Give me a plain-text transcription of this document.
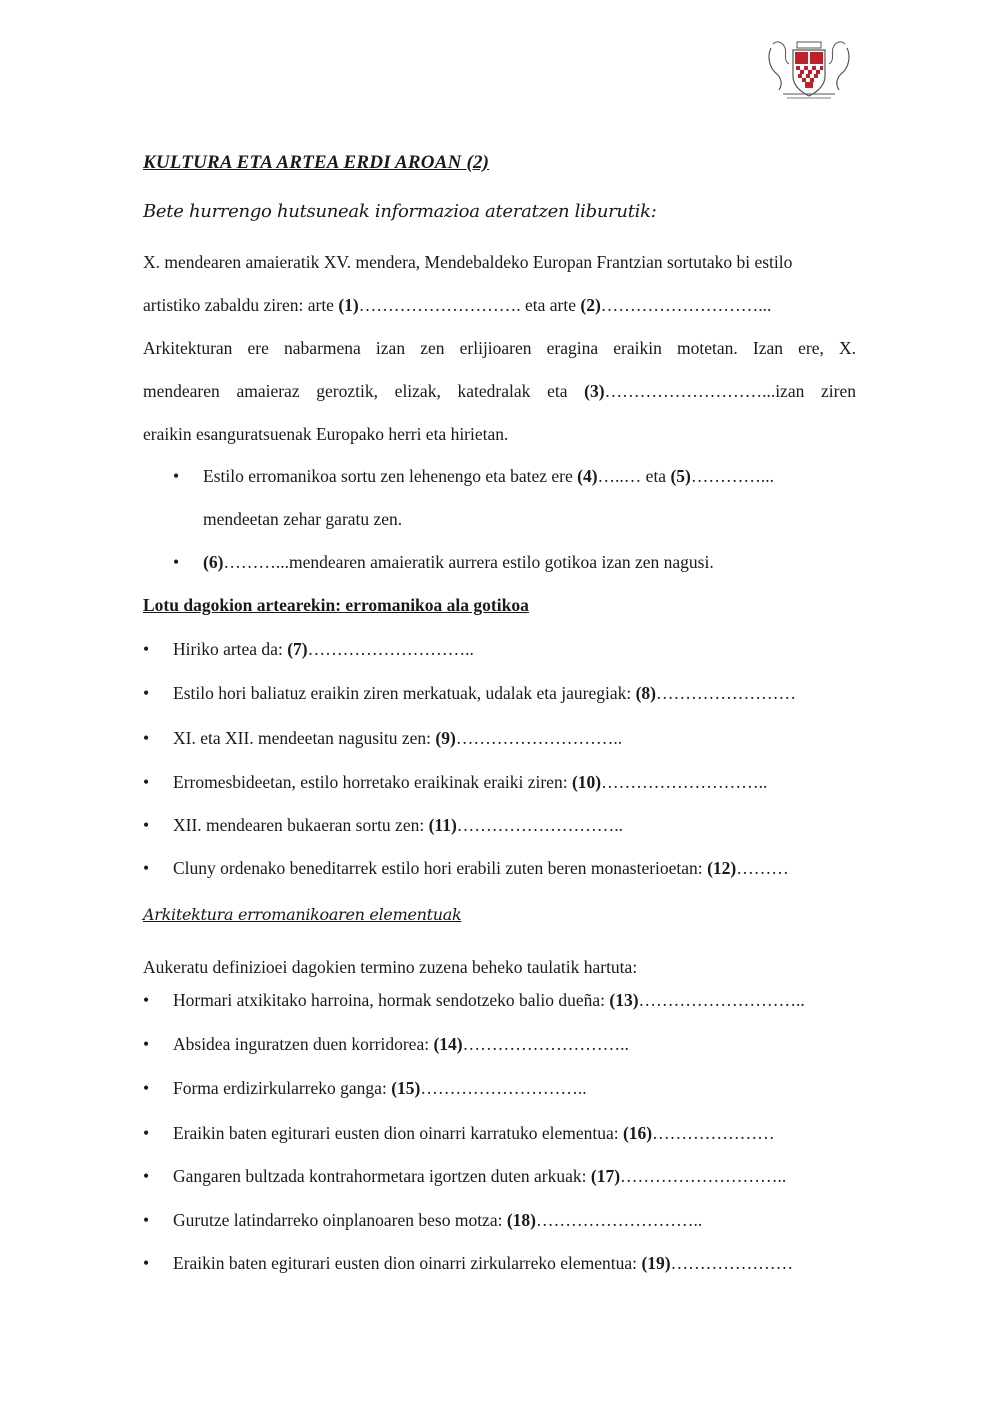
KULTURA ETA ARTEA ERDI AROAN (2)
Bete hurrengo hutsuneak informazioa ateratzen liburutik:
X. mendearen amaieratik XV. mendera, Mendebaldeko Europan Frantzian sortutako bi estilo
artistiko zabaldu ziren: arte (1)………………………. eta arte (2)………………………...
Arkitekturan ere nabarmena izan zen erlijioaren eragina eraikin motetan. Izan ere, X.
mendearen amaieraz geroztik, elizak, katedralak eta (3)………………………...izan ziren
eraikin esanguratsuenak Europako herri eta hirietan.
• Estilo erromanikoa sortu zen lehenengo eta batez ere (4)…..… eta (5)…………...
mendeetan zehar garatu zen.
• (6)………...mendearen amaieratik aurrera estilo gotikoa izan zen nagusi.
Lotu dagokion artearekin: erromanikoa ala gotikoa
• Hiriko artea da: (7)………………………..
• Estilo hori baliatuz eraikin ziren merkatuak, udalak eta jauregiak: (8)……………………
• XI. eta XII. mendeetan nagusitu zen: (9)………………………..
• Erromesbideetan, estilo horretako eraikinak eraiki ziren: (10)………………………..
• XII. mendearen bukaeran sortu zen: (11)………………………..
• Cluny ordenako beneditarrek estilo hori erabili zuten beren monasterioetan: (12)………
Arkitektura erromanikoaren elementuak
Aukeratu definizioei dagokien termino zuzena beheko taulatik hartuta:
• Hormari atxikitako harroina, hormak sendotzeko balio dueña: (13)………………………..
• Absidea inguratzen duen korridorea: (14)………………………..
• Forma erdizirkularreko ganga: (15)………………………..
• Eraikin baten egiturari eusten dion oinarri karratuko elementua: (16)…………………
• Gangaren bultzada kontrahormetara igortzen duten arkuak: (17)………………………..
• Gurutze latindarreko oinplanoaren beso motza: (18)………………………..
• Eraikin baten egiturari eusten dion oinarri zirkularreko elementua: (19)…………………
